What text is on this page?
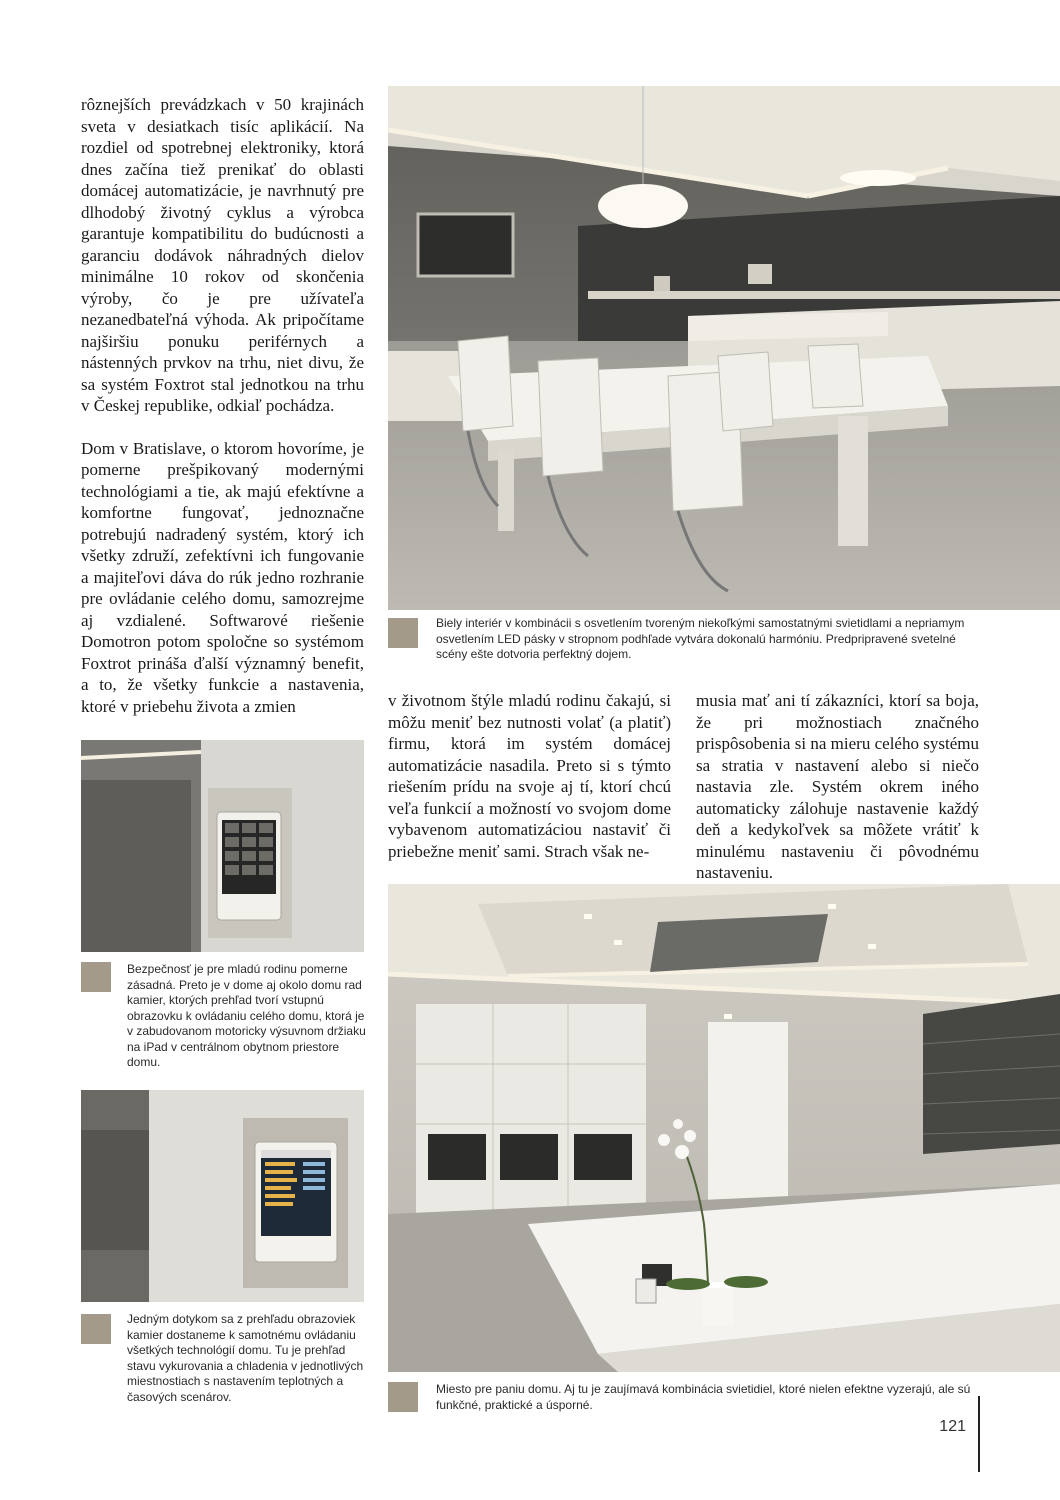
rôznejších prevádzkach v 50 krajinách sveta v desiatkach tisíc aplikácií. Na rozdiel od spotrebnej elektroniky, ktorá dnes začína tiež prenikať do oblasti domácej automatizácie, je navrhnutý pre dlhodobý životný cyklus a výrobca garantuje kompatibilitu do budúcnosti a garanciu dodávok náhradných dielov minimálne 10 rokov od skončenia výroby, čo je pre užívateľa nezanedbateľná výhoda. Ak pripočítame najširšiu ponuku periférnych a nástenných prvkov na trhu, niet divu, že sa systém Foxtrot stal jednotkou na trhu v Českej republike, odkiaľ pochádza.

Dom v Bratislave, o ktorom hovoríme, je pomerne prešpikovaný modernými technológiami a tie, ak majú efektívne a komfortne fungovať, jednoznačne potrebujú nadradený systém, ktorý ich všetky združí, zefektívni ich fungovanie a majiteľovi dáva do rúk jedno rozhranie pre ovládanie celého domu, samozrejme aj vzdialené. Softwarové riešenie Domotron potom spoločne so systémom Foxtrot prináša ďalší významný benefit, a to, že všetky funkcie a nastavenia, ktoré v priebehu života a zmien

Biely interiér v kombinácii s osvetlením tvoreným niekoľkými samostatnými svietidlami a nepriamym osvetlením LED pásky v stropnom podhľade vytvára dokonalú harmóniu. Predpripravené svetelné scény ešte dotvoria perfektný dojem.

v životnom štýle mladú rodinu čakajú, si môžu meniť bez nutnosti volať (a platiť) firmu, ktorá im systém domácej automatizácie nasadila. Preto si s týmto riešením prídu na svoje aj tí, ktorí chcú veľa funkcií a možností vo svojom dome vybavenom automatizáciou nastaviť či priebežne meniť sami. Strach však ne-

musia mať ani tí zákazníci, ktorí sa boja, že pri možnostiach značného prispôsobenia si na mieru celého systému sa stratia v nastavení alebo si niečo nastavia zle. Systém okrem iného automaticky zálohuje nastavenie každý deň a kedykoľvek sa môžete vrátiť k minulému nastaveniu či pôvodnému nastaveniu.

Bezpečnosť je pre mladú rodinu pomerne zásadná. Preto je v dome aj okolo domu rad kamier, ktorých prehľad tvorí vstupnú obrazovku k ovládaniu celého domu, ktorá je v zabudovanom motoricky výsuvnom držiaku na iPad v centrálnom obytnom priestore domu.

Jedným dotykom sa z prehľadu obrazoviek kamier dostaneme k samotnému ovládaniu všetkých technológií domu. Tu je prehľad stavu vykurovania a chladenia v jednotlivých miestnostiach s nastavením teplotných a časových scenárov.

Miesto pre paniu domu. Aj tu je zaujímavá kombinácia svietidiel, ktoré nielen efektne vyzerajú, ale sú funkčné, praktické a úsporné.

121
